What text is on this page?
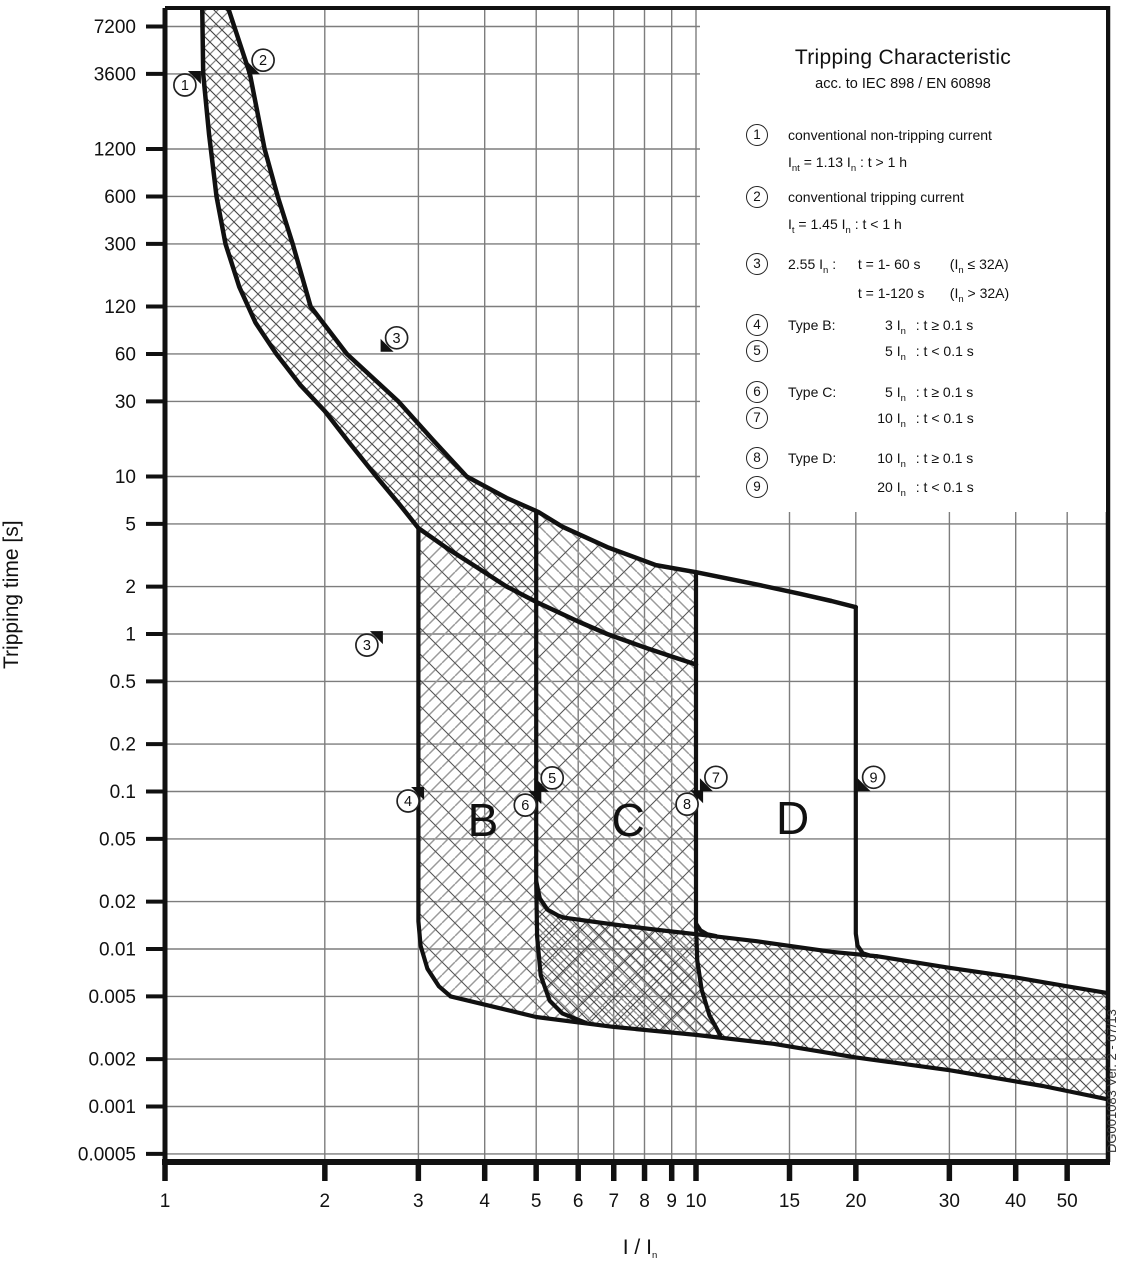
7200
3600
1200
600
300
120
60
30
10
5
2
1
0.5
0.2
0.1
0.05
0.02
0.01
0.005
0.002
0.001
0.0005
1	2	3	4 5 6 7 8 9 10	15 20	30 40 50
1
2
3
3
4
5
6
7
8
9
B C	D
Tripping Characteristic
acc. to IEC 898 / EN 60898
1	conventional non-tripping current
$I_{nt} = 1.13$ $I_n$ : t > 1 h
2	conventional tripping current
$I_t = 1.45$ $I_n$ : t < 1 h
3	2.55 $I_n$ : t = 1- 60 s $(I_n \le 32A)$
t = 1-120 s $(I_n > 32A)$
4	Type B:	3 $I_n$ : t ≥ 0.1 s
5	5 $I_n$ : t < 0.1 s
6	Type C:	5 $I_n$ : t ≥ 0.1 s
7	10 $I_n$ : t < 0.1 s
8	Type D:	10 $I_n$ : t ≥ 0.1 s
9	20 $I_n$ : t < 0.1 s
Tripping time [s]
I / $I_n$
DG001083 Ver. 2 - 07/13
